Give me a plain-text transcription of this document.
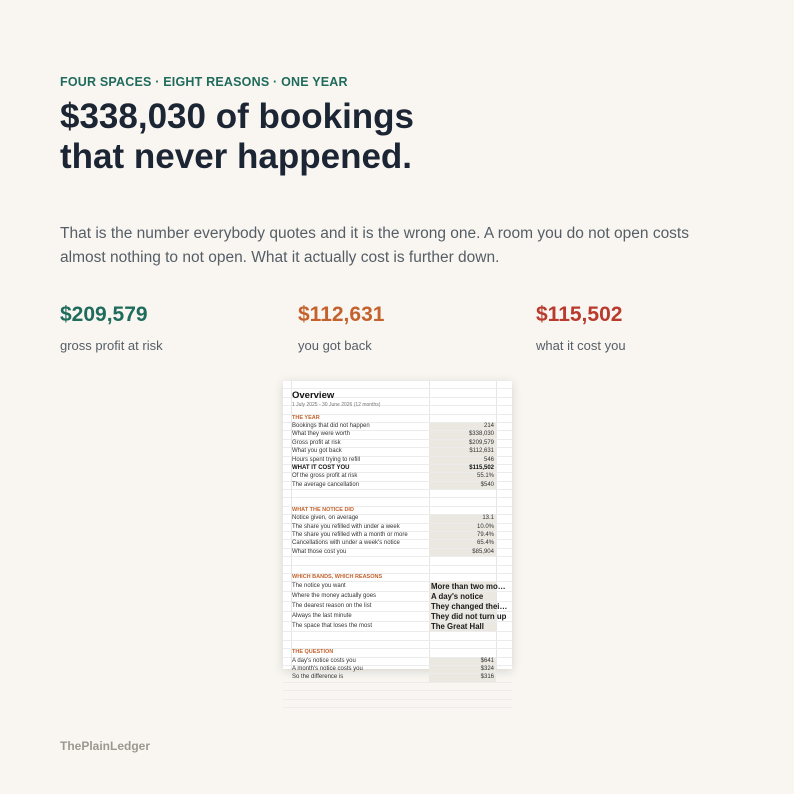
FOUR SPACES · EIGHT REASONS · ONE YEAR
$338,030 of bookings that never happened.
That is the number everybody quotes and it is the wrong one. A room you do not open costs almost nothing to not open. What it actually cost is further down.
$209,579
gross profit at risk
$112,631
you got back
$115,502
what it cost you
THE YEAR
Bookings that did not happen	214
What they were worth	$338,030
Gross profit at risk	$209,579
What you got back	$112,631
Hours spent trying to refill	546
WHAT IT COST YOU	$115,502
Of the gross profit at risk	55.1%
The average cancellation	$540
WHAT THE NOTICE DID
Notice given, on average	13.1
The share you refilled with under a week	10.0%
The share you refilled with a month or more	79.4%
Cancellations with under a week's notice	65.4%
What those cost you	$85,904
WHICH BANDS, WHICH REASONS
The notice you want	More than two mo…
Where the money actually goes	A day's notice
The dearest reason on the list	They changed thei…
Always the last minute	They did not turn up
The space that loses the most	The Great Hall
THE QUESTION
A day's notice costs you	$641
A month's notice costs you	$324
So the difference is	$316
Overview
1 July 2025 - 30 June 2026 (12 months)
ThePlainLedger
